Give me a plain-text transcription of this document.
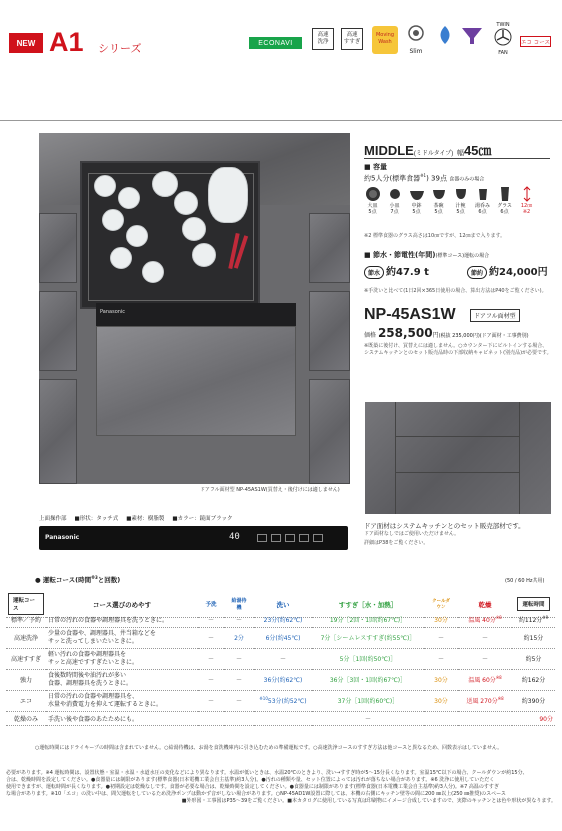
NEW A1 シリーズ	ECONAVI
高速
洗浄
高速
すすぎ
Moving
Wash
Slim
TWIN
FAN
エコ コース
Panasonic
ドアフル面材型 NP-45AS1W(買替え・後付けには適しません)
MIDDLE(ミドルタイプ) 幅45㎝
■ 容量
約5人分(標準食器$^{※1}$) 39点 食器のみの場合
大皿
5点
小皿
7点
中鉢
5点
茶碗
5点
汁椀
5点
湯呑み
6点
グラス
6点
12㎝
※2
※2 標準食器のグラス高さは10㎝ですが、12㎝まで入ります。
■ 節水・節電性(年間)(標準コース)運転の場合
節水 約47.9 t	節約 約24,000円
※手洗いと比べて(1日2回×365日使用の場合、算出方法はP40をご覧ください)。
NP-45AS1W	ドアフル面材型
価格 258,500円(税抜 235,000円)(ドア面材・工事費別)
※既築に後付け、買替えには適しません。○カウンター下にビルトインする場合、システムキッチンとのセット販売品時の下部収納キャビネット(別売品)が必要です。
ドア面材はシステムキッチンとのセット販売部材です。
ドア面材なしではご使用いただけません。
詳細はP38をご覧ください。
上面操作部 ■形状：タッチ式 ■素材：樹脂製 ■カラー：鏡面ブラック
Panasonic	40
● 運転コース(時間$^{※3}$と回数)	(50 / 60 Hz共用)
運転コース	コース選びのめやす	予洗	給湯待機	洗い	すすぎ［水・加熱］	クールダウン	乾燥	運転時間
標準／予約	日常の汚れの食器や調理器具を洗うときに。	－	－	23分(約62℃)	19分［2回・1回(約67℃)］	30分	温風 40分$^{※8}$	約112分$^{※9}$
高速洗浄	少量の食器や、調理器具、井当箱などを
サッと洗ってしまいたいときに。	－	2分	6分(約45℃)	7分［シームレスすすぎ(約55℃)］	－	－	約15分
高速すすぎ	軽い汚れの食器や調理器具を
サッと高速ですすぎたいときに。	－	－	－	5分［1回(約50℃)］	－	－	約5分
強力	食後数時間後や油汚れが多い
食器、調理器具を洗うときに。	－	－	36分(約62℃)	36分［3回・1回(約67℃)］	30分	温風 60分$^{※8}$	約162分
エコ	日常の汚れの食器や調理器具を、
水量や消費電力を抑えて運転するときに。	－	－	$^{※10}$53分(約52℃)	37分［1回(約60℃)］	30分	送風 270分$^{※8}$	約390分
乾燥のみ	手洗い後や食器のあたためにも。				－		90分	
○運転時間にはドライキープの時間は含まれていません。○給湯待機は、お湯を食洗機庫内に引き込むための準備運転です。○高速洗浄コースのすすぎ方法は他コースと異なるため、回数表示はしていません。
必要があります。※4 運転時間は、設置状態・室温・水温・水道水圧の変化などにより異なります。水温が低いときは、水温20℃のときより、洗い→すすぎ時が5～15分長くなります。室温15℃以下の場合、クールダウンが約15分、
合は、乾燥時間を設定してください。●食器量には制限があります(標準食器(日本電機工業会自主基準)約3人分)。●汚れの種類や量、セット位置によっては汚れが落ちない場合があります。※6 洗浄に使用していただく
使用できますが、運転時間が長くなります。●初期設定は乾燥なしです。食器が必要な場合は、乾燥時間を設定してください。●食器量には制限があります(標準食器(日本電機工業会自主基準)約3人分)。※7 高温のすすぎ
な場合があります。※10「エコ」の洗い中は、間欠運転をしているため洗浄ポンプは動かず音がしない場合があります。○NP-45AD1W設置に際しては、本機の右側にキッチン壁等の間に200 ㎜以上(250 ㎜推奨)のスペース
■外形図・工事図はP35～39をご覧ください。■本カタログに使用している写真は印刷物にイメージ合成していますので、実際のキッチンとは色や形状が異なります。
